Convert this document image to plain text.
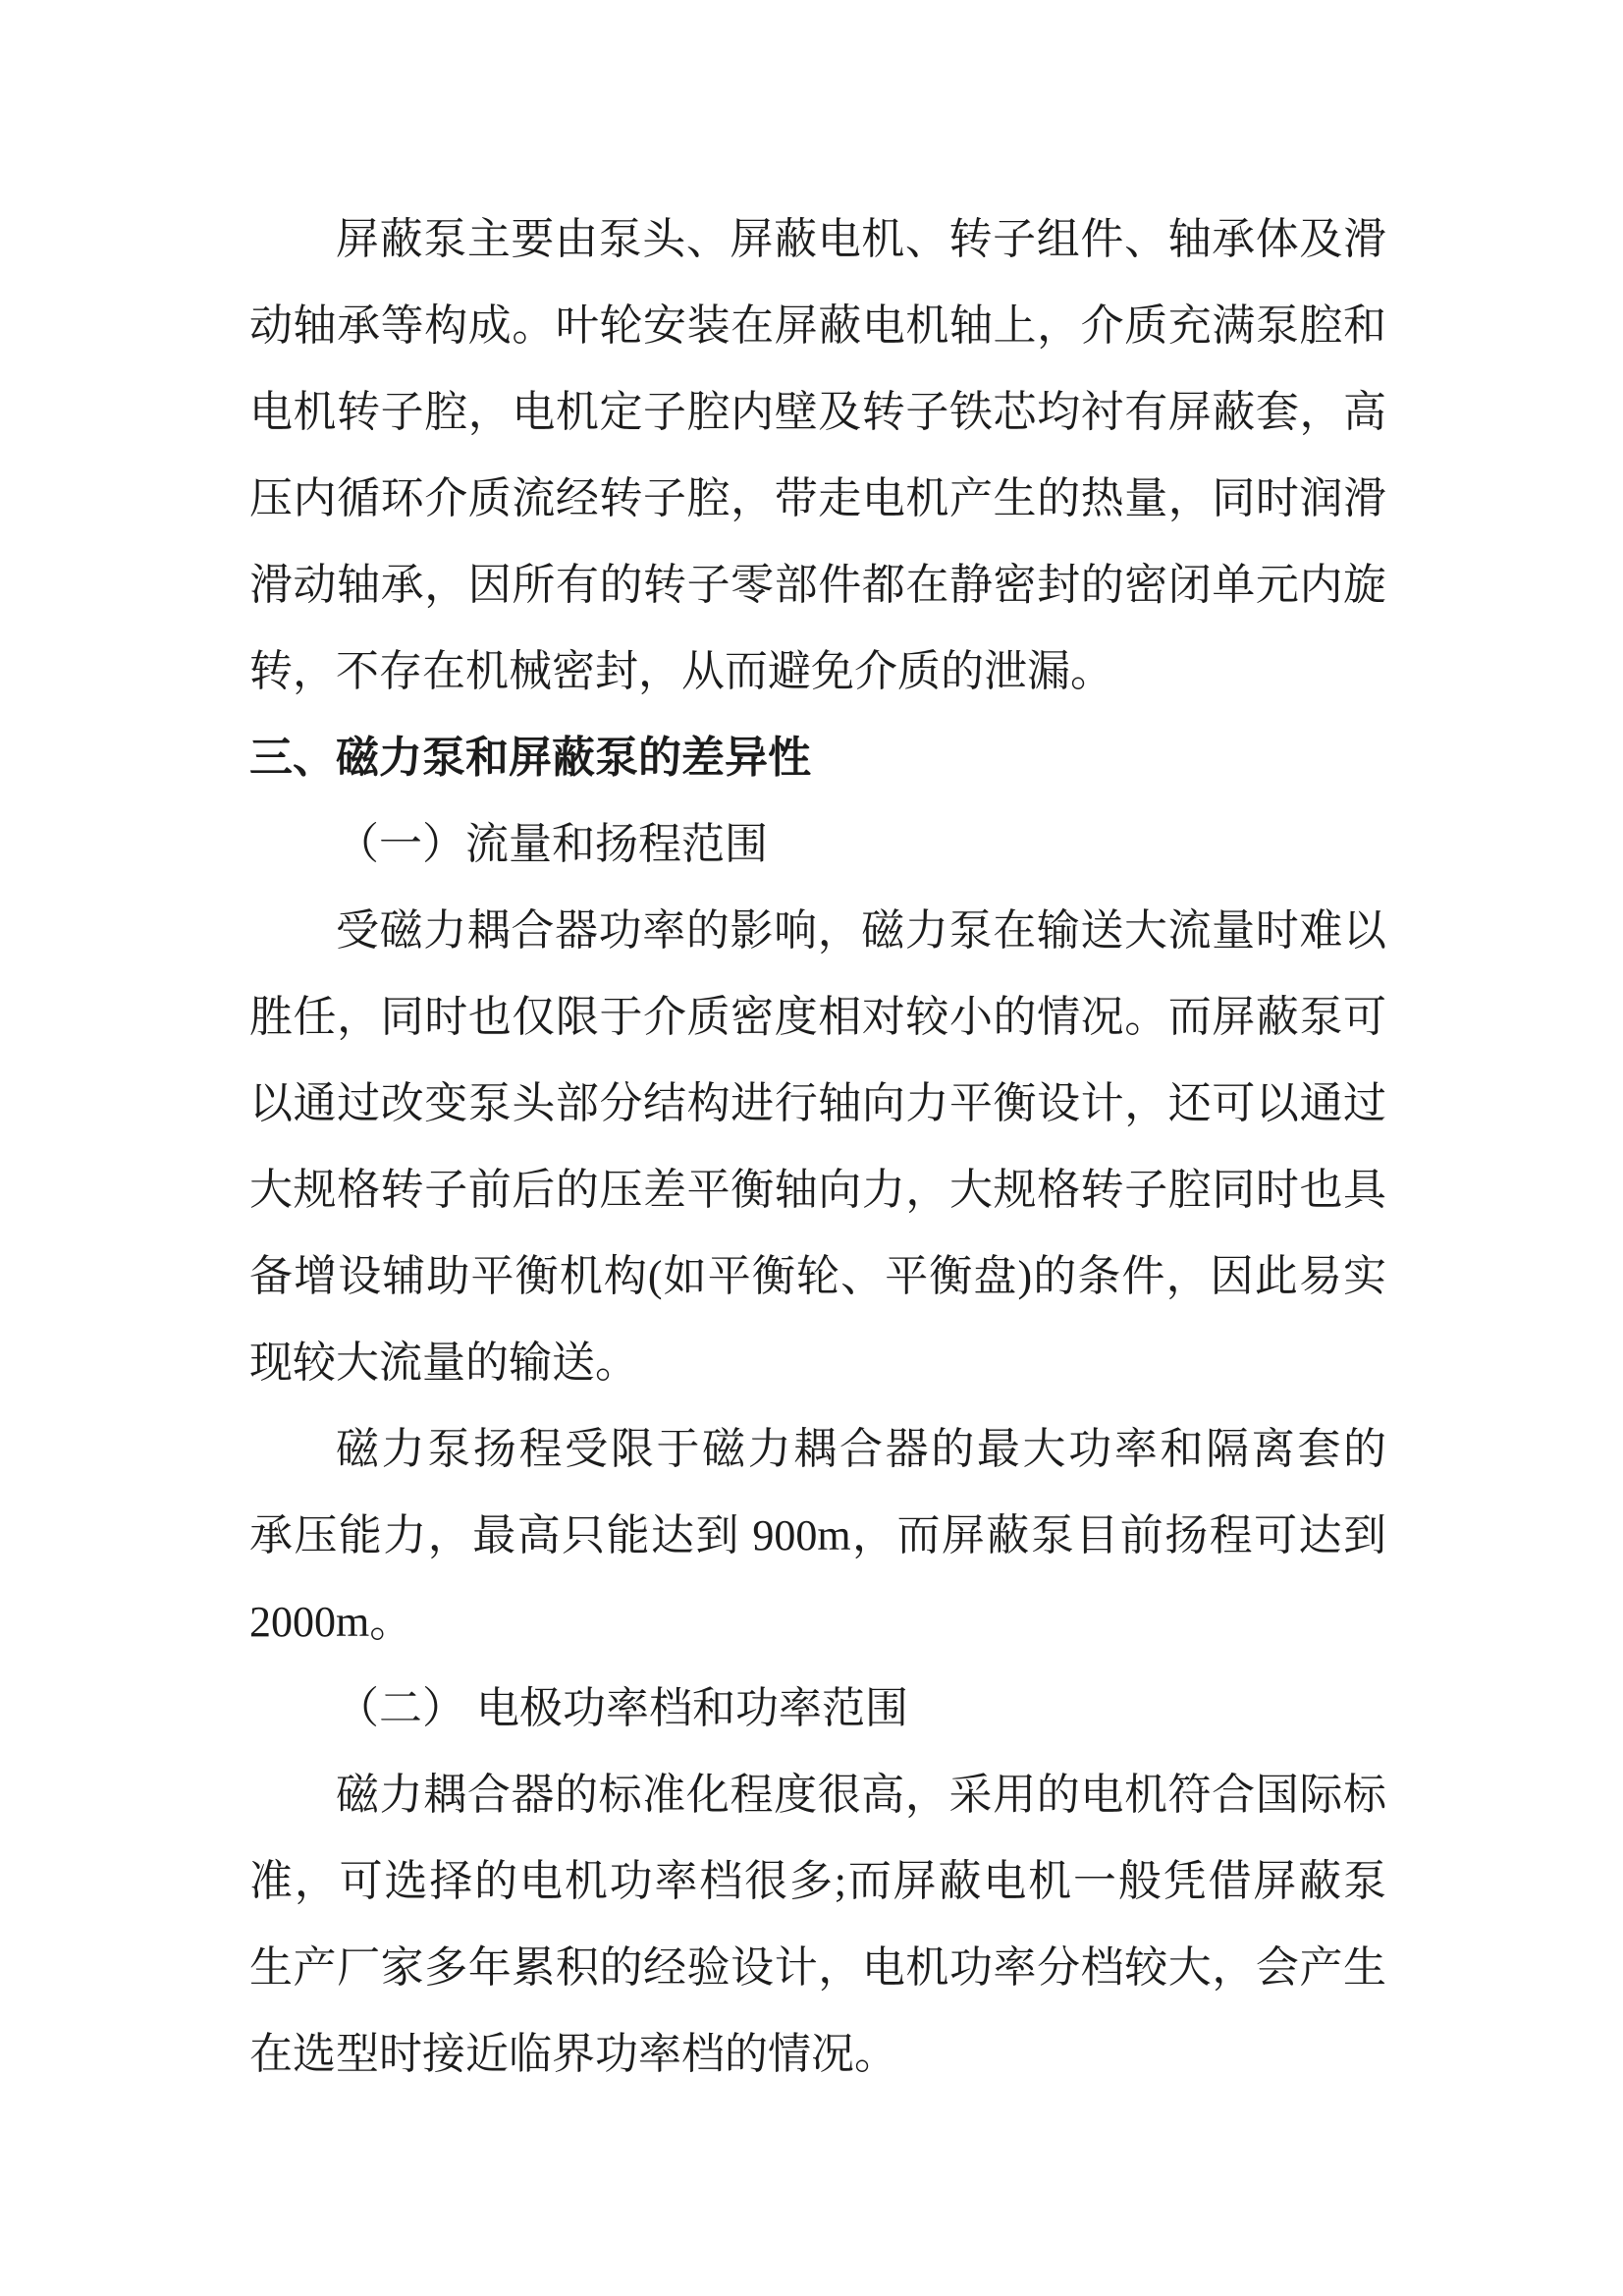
屏蔽泵主要由泵头、屏蔽电机、转子组件、轴承体及滑

动轴承等构成。叶轮安装在屏蔽电机轴上，介质充满泵腔和

电机转子腔，电机定子腔内壁及转子铁芯均衬有屏蔽套，高

压内循环介质流经转子腔，带走电机产生的热量，同时润滑

滑动轴承，因所有的转子零部件都在静密封的密闭单元内旋

转，不存在机械密封，从而避免介质的泄漏。

三、磁力泵和屏蔽泵的差异性

（一）流量和扬程范围

受磁力耦合器功率的影响，磁力泵在输送大流量时难以

胜任，同时也仅限于介质密度相对较小的情况。而屏蔽泵可

以通过改变泵头部分结构进行轴向力平衡设计，还可以通过

大规格转子前后的压差平衡轴向力，大规格转子腔同时也具

备增设辅助平衡机构(如平衡轮、平衡盘)的条件，因此易实

现较大流量的输送。

磁力泵扬程受限于磁力耦合器的最大功率和隔离套的

承压能力，最高只能达到 900m，而屏蔽泵目前扬程可达到

2000m。

（二） 电极功率档和功率范围

磁力耦合器的标准化程度很高，采用的电机符合国际标

准，可选择的电机功率档很多;而屏蔽电机一般凭借屏蔽泵

生产厂家多年累积的经验设计，电机功率分档较大，会产生

在选型时接近临界功率档的情况。
